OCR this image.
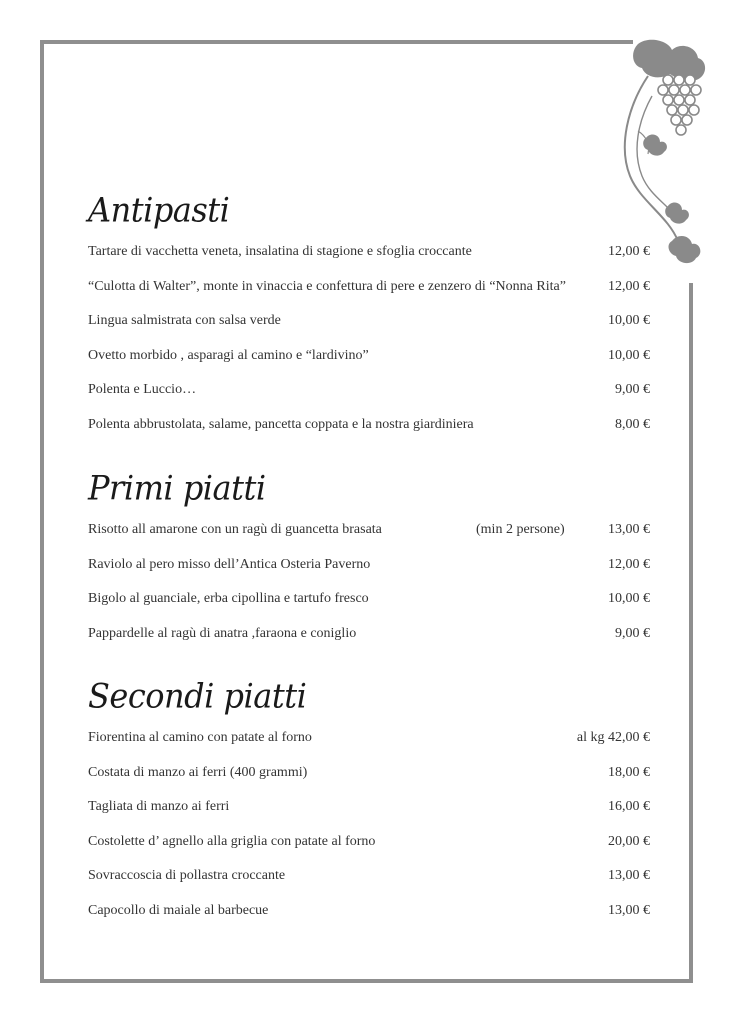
Antipasti
Tartare di vacchetta veneta, insalatina di stagione e sfoglia croccante	12,00 €
“Culotta di Walter”, monte in vinaccia e confettura di pere e zenzero di “Nonna Rita”	12,00 €
Lingua salmistrata con salsa verde	10,00 €
Ovetto morbido , asparagi al camino e “lardivino”	10,00 €
Polenta e Luccio…	9,00 €
Polenta abbrustolata, salame, pancetta coppata e la nostra giardiniera	8,00 €
Primi piatti
Risotto all amarone con un ragù di guancetta brasata	(min 2 persone)	13,00 €
Raviolo al pero misso dell’Antica Osteria Paverno	12,00 €
Bigolo al guanciale, erba cipollina e tartufo fresco	10,00 €
Pappardelle al ragù di anatra ,faraona e coniglio	9,00 €
Secondi piatti
Fiorentina al camino con patate al forno	al kg 42,00 €
Costata di manzo ai ferri (400 grammi)	18,00 €
Tagliata di manzo ai ferri	16,00 €
Costolette d’ agnello alla griglia con patate al forno	20,00 €
Sovraccoscia di pollastra croccante	13,00 €
Capocollo di maiale al barbecue	13,00 €
